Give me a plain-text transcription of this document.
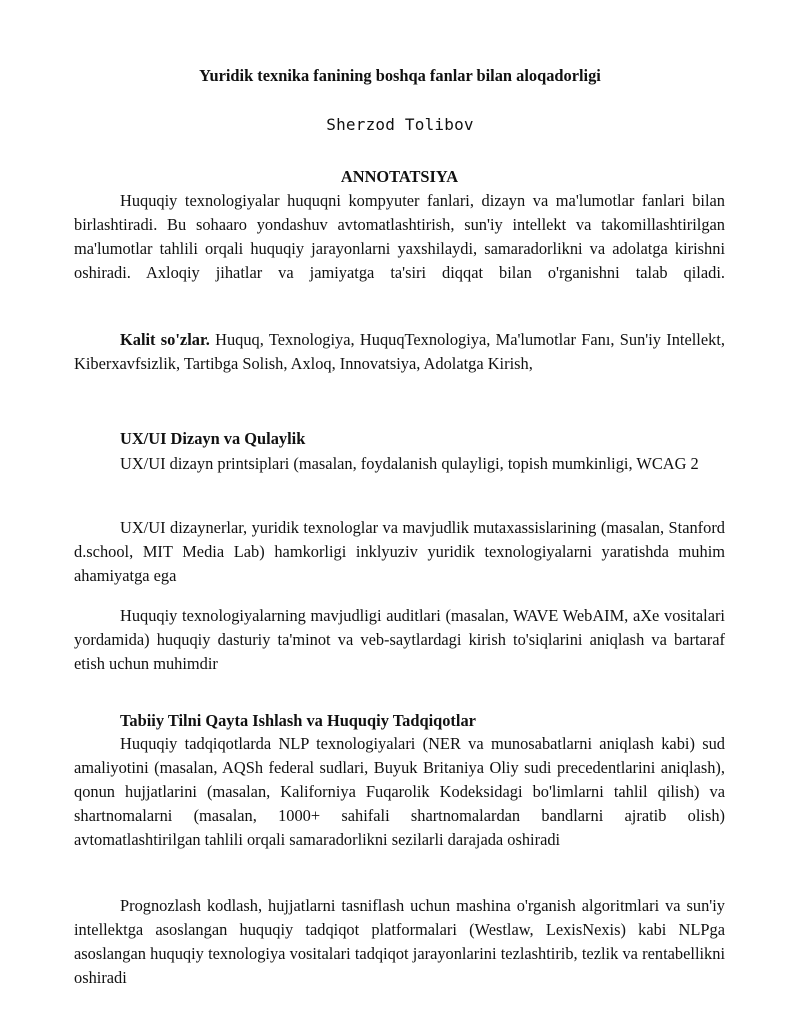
Yuridik texnika fanining boshqa fanlar bilan aloqadorligi
Sherzod Tolibov
ANNOTATSIYA

Huquqiy texnologiyalar huquqni kompyuter fanlari, dizayn va ma'lumotlar fanlari bilan birlashtiradi. Bu sohaaro yondashuv avtomatlashtirish, sun'iy intellekt va takomillashtirilgan ma'lumotlar tahlili orqali huquqiy jarayonlarni yaxshilaydi, samaradorlikni va adolatga kirishni oshiradi. Axloqiy jihatlar va jamiyatga ta'siri diqqat bilan o'rganishni talab qiladi.

Kalit so'zlar. Huquq, Texnologiya, HuquqTexnologiya, Ma'lumotlar Fanı, Sun'iy Intellekt, Kiberxavfsizlik, Tartibga Solish, Axloq, Innovatsiya, Adolatga Kirish,

UX/UI Dizayn va Qulaylik

UX/UI dizayn printsiplari (masalan, foydalanish qulayligi, topish mumkinligi, WCAG 2

UX/UI dizaynerlar, yuridik texnologlar va mavjudlik mutaxassislarining (masalan, Stanford d.school, MIT Media Lab) hamkorligi inklyuziv yuridik texnologiyalarni yaratishda muhim ahamiyatga ega

Huquqiy texnologiyalarning mavjudligi auditlari (masalan, WAVE WebAIM, aXe vositalari yordamida) huquqiy dasturiy ta'minot va veb-saytlardagi kirish to'siqlarini aniqlash va bartaraf etish uchun muhimdir

Tabiiy Tilni Qayta Ishlash va Huquqiy Tadqiqotlar

Huquqiy tadqiqotlarda NLP texnologiyalari (NER va munosabatlarni aniqlash kabi) sud amaliyotini (masalan, AQSh federal sudlari, Buyuk Britaniya Oliy sudi precedentlarini aniqlash), qonun hujjatlarini (masalan, Kaliforniya Fuqarolik Kodeksidagi bo'limlarni tahlil qilish) va shartnomalarni (masalan, 1000+ sahifali shartnomalardan bandlarni ajratib olish) avtomatlashtirilgan tahlili orqali samaradorlikni sezilarli darajada oshiradi

Prognozlash kodlash, hujjatlarni tasniflash uchun mashina o'rganish algoritmlari va sun'iy intellektga asoslangan huquqiy tadqiqot platformalari (Westlaw, LexisNexis) kabi NLPga asoslangan huquqiy texnologiya vositalari tadqiqot jarayonlarini tezlashtirib, tezlik va rentabellikni oshiradi
